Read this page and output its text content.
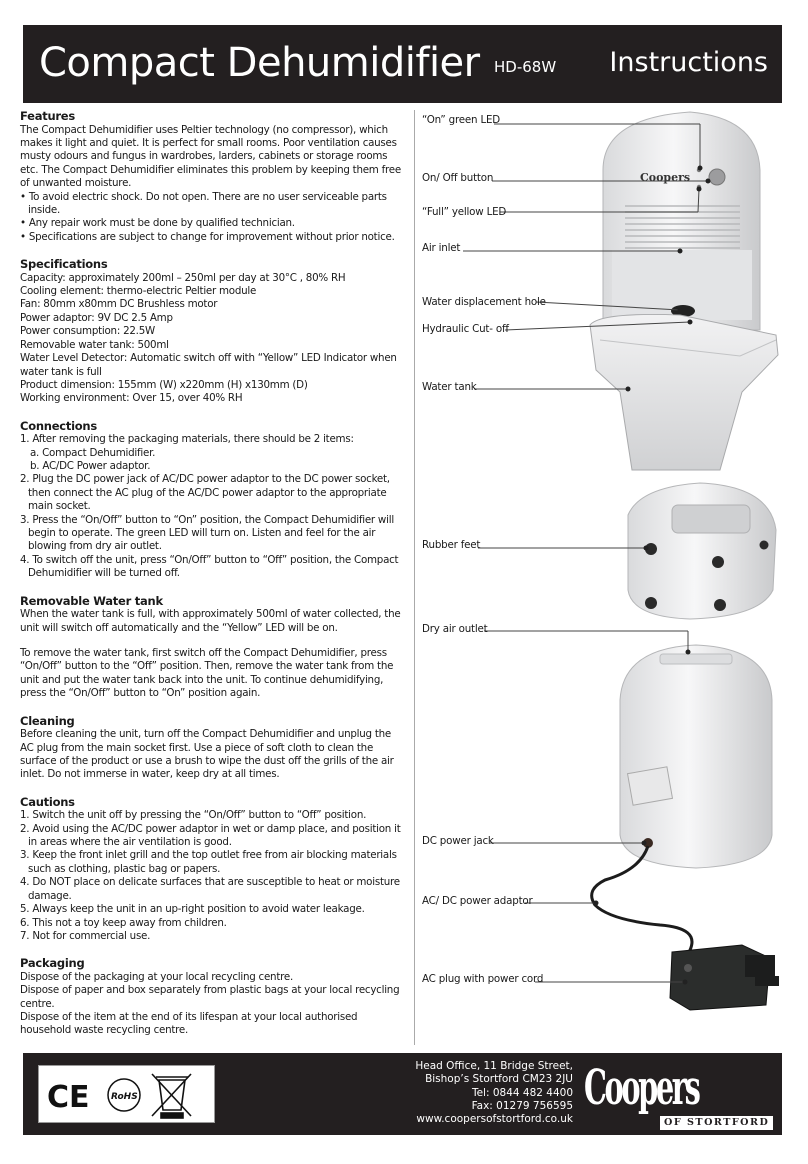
Compact Dehumidifier HD-68W Instructions
Features

The Compact Dehumidifier uses Peltier technology (no compressor), which makes it light and quiet. It is perfect for small rooms. Poor ventilation causes musty odours and fungus in wardrobes, larders, cabinets or storage rooms etc. The Compact Dehumidifier eliminates this problem by keeping them free of unwanted moisture.

• To avoid electric shock. Do not open. There are no user serviceable parts inside.

• Any repair work must be done by qualified technician.

• Specifications are subject to change for improvement without prior notice.

Specifications

Capacity: approximately 200ml – 250ml per day at 30°C , 80% RH

Cooling element: thermo-electric Peltier module

Fan: 80mm x80mm DC Brushless motor

Power adaptor: 9V DC 2.5 Amp

Power consumption: 22.5W

Removable water tank: 500ml

Water Level Detector: Automatic switch off with “Yellow” LED Indicator when water tank is full

Product dimension: 155mm (W) x220mm (H) x130mm (D)

Working environment: Over 15, over 40% RH

Connections

1. After removing the packaging materials, there should be 2 items:

a. Compact Dehumidifier.

b. AC/DC Power adaptor.

2. Plug the DC power jack of AC/DC power adaptor to the DC power socket, then connect the AC plug of the AC/DC power adaptor to the appropriate main socket.

3. Press the “On/Off” button to “On” position, the Compact Dehumidifier will begin to operate. The green LED will turn on. Listen and feel for the air blowing from dry air outlet.

4. To switch off the unit, press “On/Off” button to “Off” position, the Compact Dehumidifier will be turned off.

Removable Water tank

When the water tank is full, with approximately 500ml of water collected, the unit will switch off automatically and the “Yellow” LED will be on.

To remove the water tank, first switch off the Compact Dehumidifier, press “On/Off” button to the “Off” position. Then, remove the water tank from the unit and put the water tank back into the unit. To continue dehumidifying, press the “On/Off” button to “On” position again.

Cleaning

Before cleaning the unit, turn off the Compact Dehumidifier and unplug the AC plug from the main socket first. Use a piece of soft cloth to clean the surface of the product or use a brush to wipe the dust off the grills of the air inlet. Do not immerse in water, keep dry at all times.

Cautions

1. Switch the unit off by pressing the “On/Off” button to “Off” position.

2. Avoid using the AC/DC power adaptor in wet or damp place, and position it in areas where the air ventilation is good.

3. Keep the front inlet grill and the top outlet free from air blocking materials such as clothing, plastic bag or papers.

4. Do NOT place on delicate surfaces that are susceptible to heat or moisture damage.

5. Always keep the unit in an up-right position to avoid water leakage.

6. This not a toy keep away from children.

7. Not for commercial use.

Packaging

Dispose of the packaging at your local recycling centre.

Dispose of paper and box separately from plastic bags at your local recycling centre.

Dispose of the item at the end of its lifespan at your local authorised household waste recycling centre.

Coopers
“On” green LED
On/ Off button
“Full” yellow LED
Air inlet
Water displacement hole
Hydraulic Cut- off
Water tank
Rubber feet
Dry air outlet
DC power jack
AC/ DC power adaptor
AC plug with power cord
CE RoHS
Head Office, 11 Bridge Street,
Bishop’s Stortford CM23 2JU
Tel: 0844 482 4400
Fax: 01279 756595
www.coopersofstortford.co.uk
Coopers
OF STORTFORD
